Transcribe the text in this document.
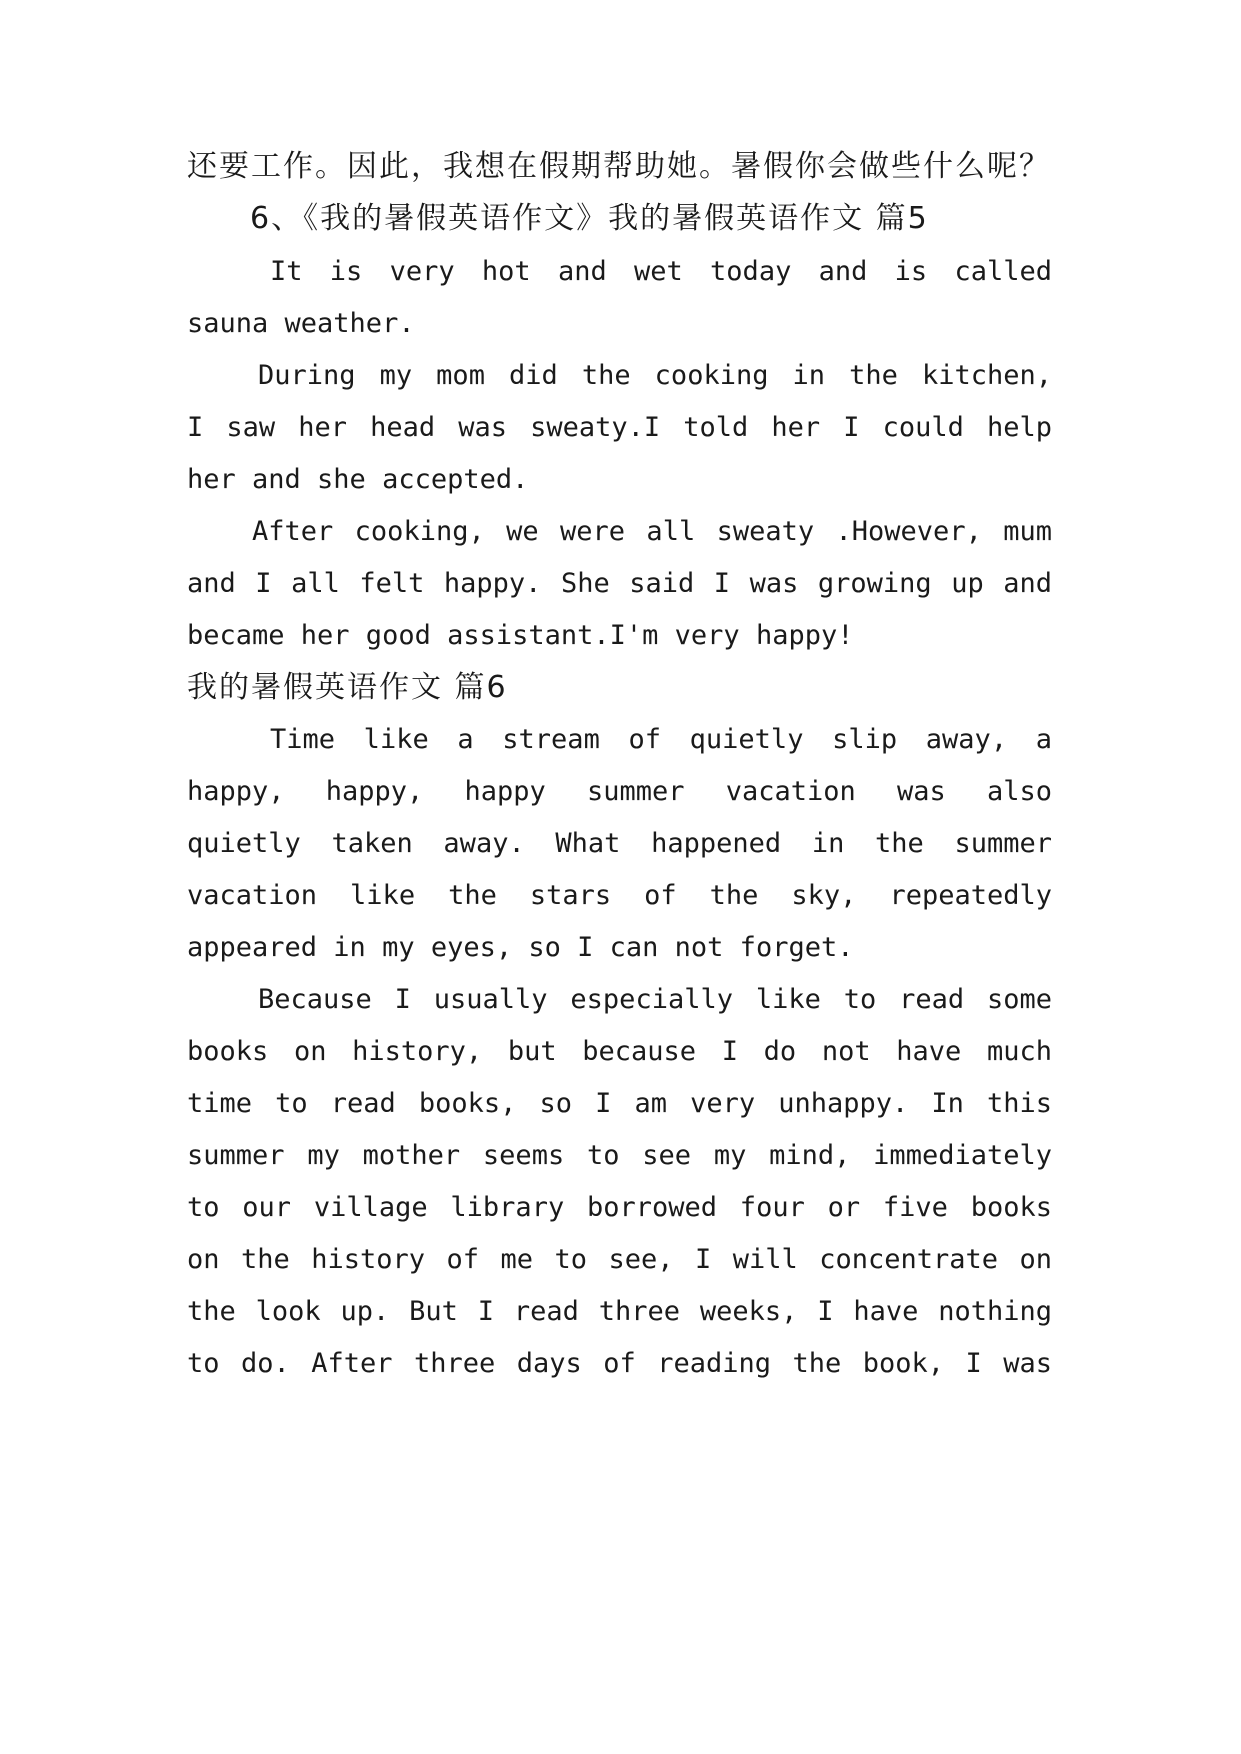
还要工作。因此，我想在假期帮助她。暑假你会做些什么呢？
6、《我的暑假英语作文》我的暑假英语作文 篇5
It is very hot and wet today and is called
sauna weather.
During my mom did the cooking in the kitchen,
I saw her head was sweaty.I told her I could help
her and she accepted.
After cooking, we were all sweaty .However, mum
and I all felt happy. She said I was growing up and
became her good assistant.I'm very happy!
我的暑假英语作文 篇6
Time like a stream of quietly slip away, a
happy, happy, happy summer vacation was also
quietly taken away. What happened in the summer
vacation like the stars of the sky, repeatedly
appeared in my eyes, so I can not forget.
Because I usually especially like to read some
books on history, but because I do not have much
time to read books, so I am very unhappy. In this
summer my mother seems to see my mind, immediately
to our village library borrowed four or five books
on the history of me to see, I will concentrate on
the look up. But I read three weeks, I have nothing
to do. After three days of reading the book, I was
